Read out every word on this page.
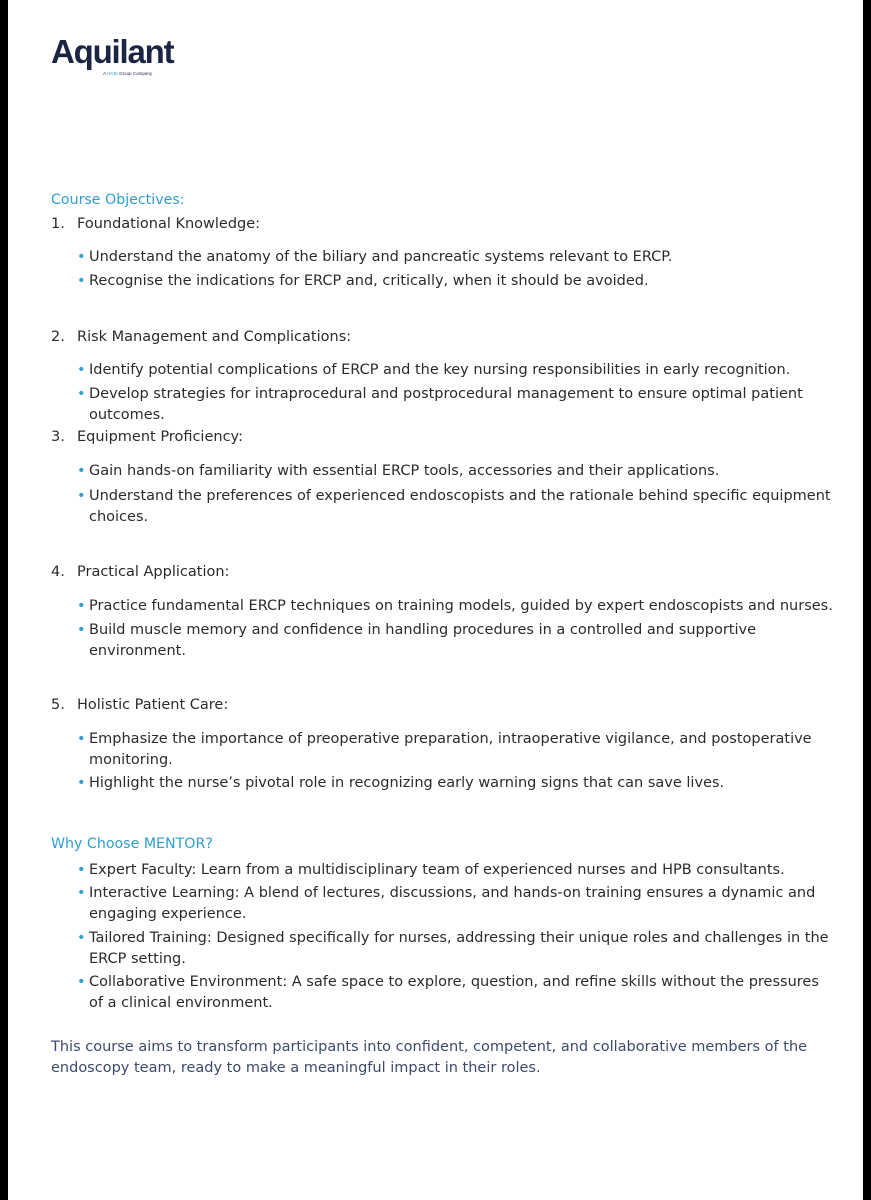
Aquilant
A HCBI Group Company
Course Objectives:
1. Foundational Knowledge:
• Understand the anatomy of the biliary and pancreatic systems relevant to ERCP.
• Recognise the indications for ERCP and, critically, when it should be avoided.
2. Risk Management and Complications:
• Identify potential complications of ERCP and the key nursing responsibilities in early recognition.
• Develop strategies for intraprocedural and postprocedural management to ensure optimal patient outcomes.
3. Equipment Proficiency:
• Gain hands-on familiarity with essential ERCP tools, accessories and their applications.
• Understand the preferences of experienced endoscopists and the rationale behind specific equipment choices.
4. Practical Application:
• Practice fundamental ERCP techniques on training models, guided by expert endoscopists and nurses.
• Build muscle memory and confidence in handling procedures in a controlled and supportive environment.
5. Holistic Patient Care:
• Emphasize the importance of preoperative preparation, intraoperative vigilance, and postoperative monitoring.
• Highlight the nurse’s pivotal role in recognizing early warning signs that can save lives.
Why Choose MENTOR?
• Expert Faculty: Learn from a multidisciplinary team of experienced nurses and HPB consultants.
• Interactive Learning: A blend of lectures, discussions, and hands-on training ensures a dynamic and engaging experience.
• Tailored Training: Designed specifically for nurses, addressing their unique roles and challenges in the ERCP setting.
• Collaborative Environment: A safe space to explore, question, and refine skills without the pressures of a clinical environment.
This course aims to transform participants into confident, competent, and collaborative members of the endoscopy team, ready to make a meaningful impact in their roles.
